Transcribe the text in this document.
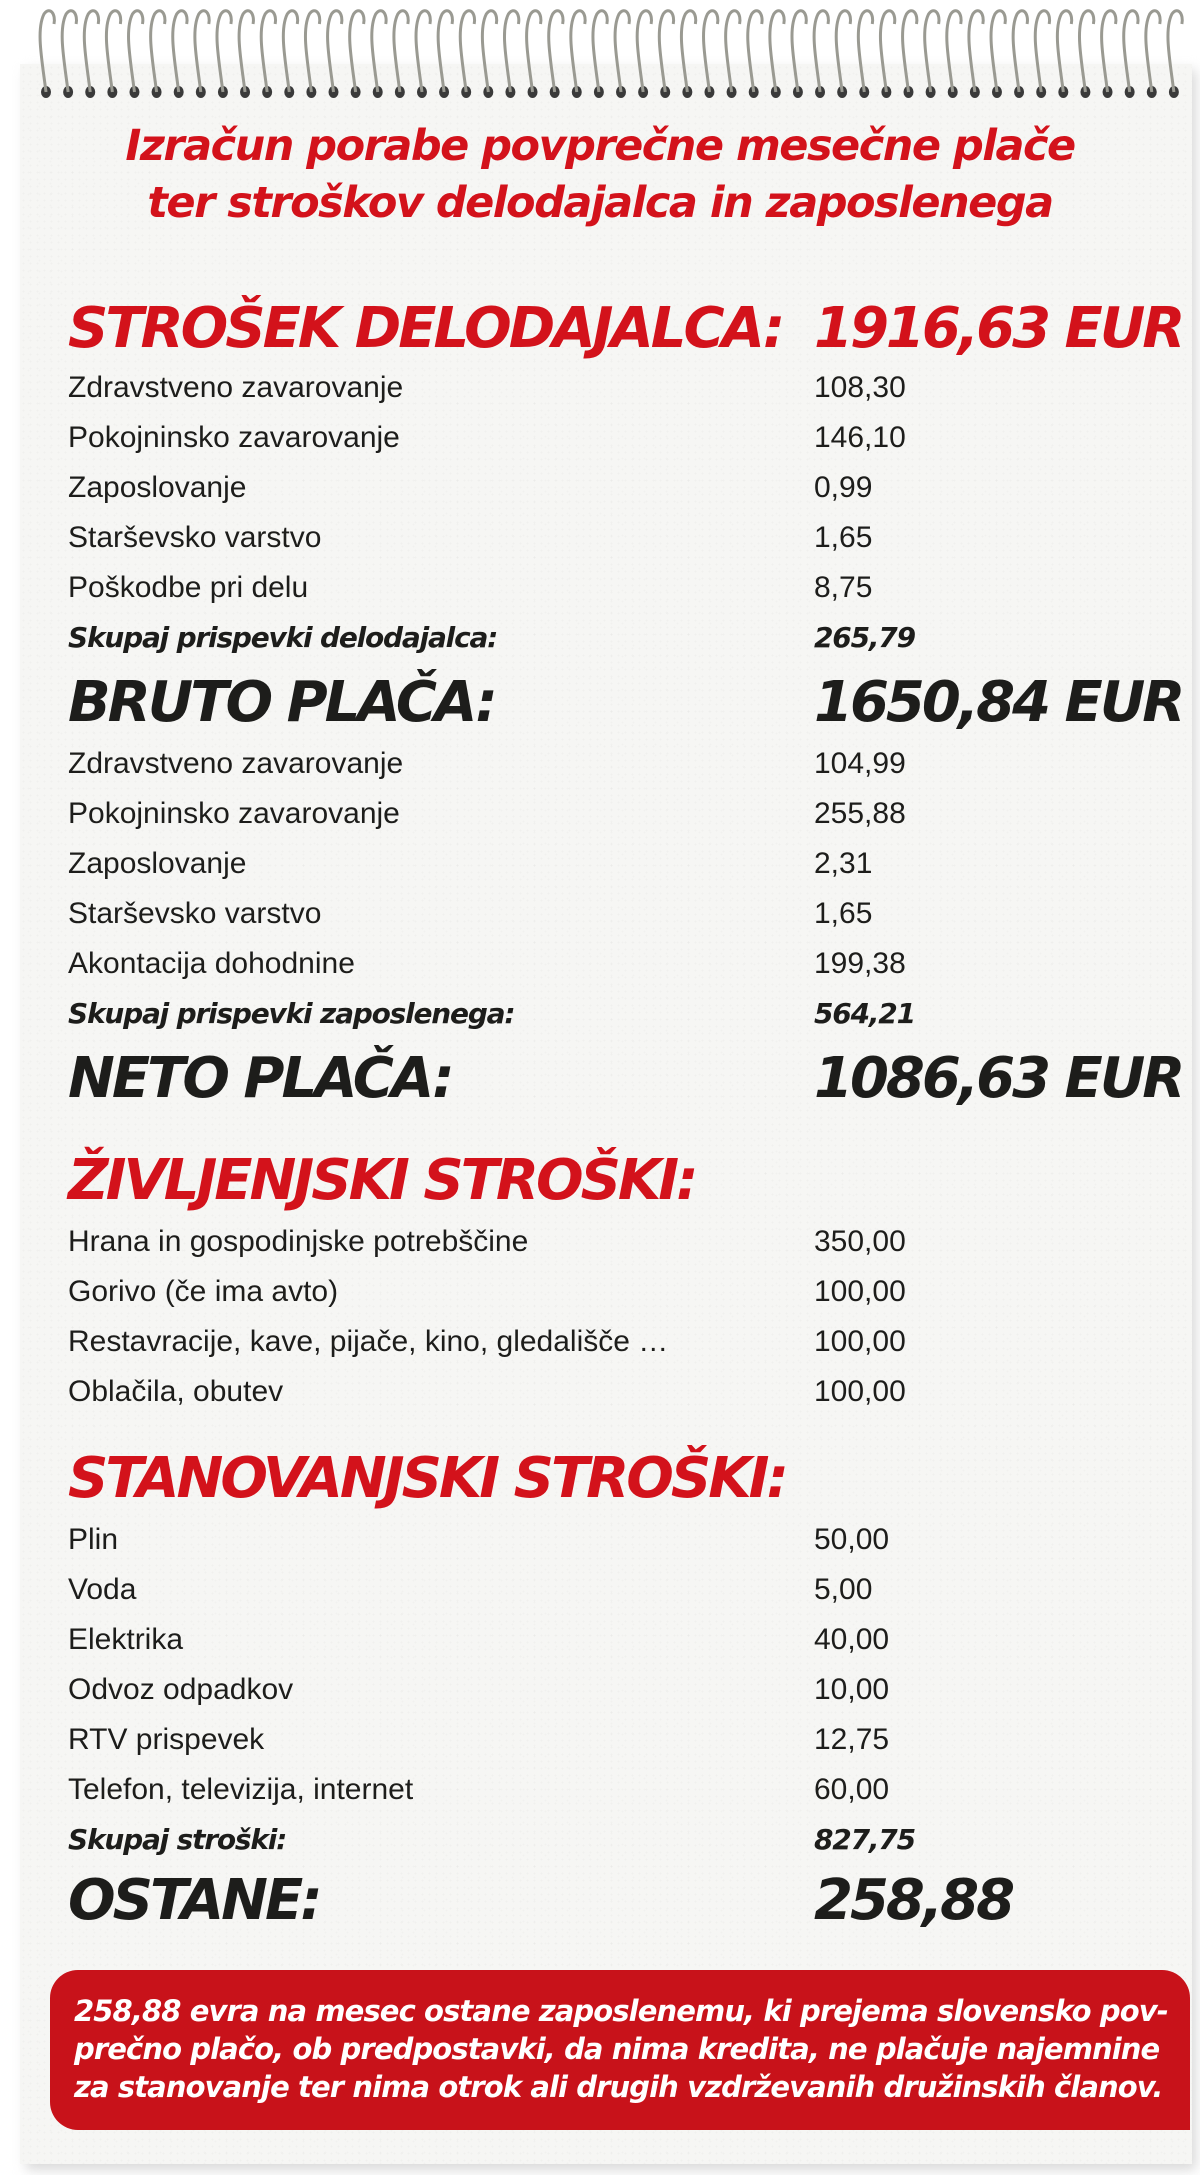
Izračun porabe povprečne mesečne plače
ter stroškov delodajalca in zaposlenega
STROŠEK DELODAJALCA: 1916,63 EUR
Zdravstveno zavarovanje	108,30
Pokojninsko zavarovanje	146,10
Zaposlovanje	0,99
Starševsko varstvo	1,65
Poškodbe pri delu	8,75
Skupaj prispevki delodajalca:	265,79
BRUTO PLAČA:	1650,84 EUR
Zdravstveno zavarovanje	104,99
Pokojninsko zavarovanje	255,88
Zaposlovanje	2,31
Starševsko varstvo	1,65
Akontacija dohodnine	199,38
Skupaj prispevki zaposlenega:	564,21
NETO PLAČA:	1086,63 EUR
ŽIVLJENJSKI STROŠKI:
Hrana in gospodinjske potrebščine	350,00
Gorivo (če ima avto)	100,00
Restavracije, kave, pijače, kino, gledališče …	100,00
Oblačila, obutev	100,00
STANOVANJSKI STROŠKI:
Plin	50,00
Voda	5,00
Elektrika	40,00
Odvoz odpadkov	10,00
RTV prispevek	12,75
Telefon, televizija, internet	60,00
Skupaj stroški:	827,75
OSTANE:	258,88
258,88 evra na mesec ostane zaposlenemu, ki prejema slovensko pov-
prečno plačo, ob predpostavki, da nima kredita, ne plačuje najemnine
za stanovanje ter nima otrok ali drugih vzdrževanih družinskih članov.
